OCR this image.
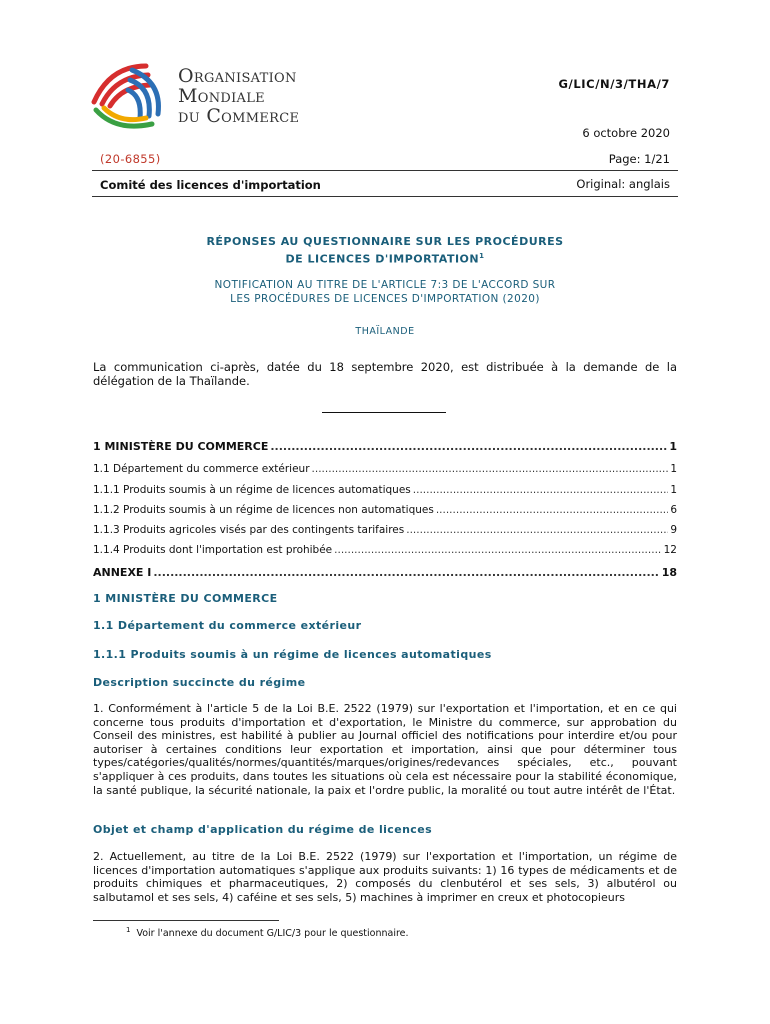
Organisation
Mondiale
du Commerce
G/LIC/N/3/THA/7
6 octobre 2020
(20-6855)	Page: 1/21
Comité des licences d'importation	Original: anglais
RÉPONSES AU QUESTIONNAIRE SUR LES PROCÉDURES
DE LICENCES D'IMPORTATION$^1$
NOTIFICATION AU TITRE DE L'ARTICLE 7:3 DE L'ACCORD SUR
LES PROCÉDURES DE LICENCES D'IMPORTATION (2020)
THAÏLANDE
La communication ci-après, datée du 18 septembre 2020, est distribuée à la demande de la délégation de la Thaïlande.
1 MINISTÈRE DU COMMERCE .....	1
1.1 Département du commerce extérieur .....	1
1.1.1 Produits soumis à un régime de licences automatiques .....	1
1.1.2 Produits soumis à un régime de licences non automatiques .....	6
1.1.3 Produits agricoles visés par des contingents tarifaires .....	9
1.1.4 Produits dont l'importation est prohibée .....	12
ANNEXE I .....	18
1 MINISTÈRE DU COMMERCE
1.1 Département du commerce extérieur
1.1.1 Produits soumis à un régime de licences automatiques
Description succincte du régime
1. Conformément à l'article 5 de la Loi B.E. 2522 (1979) sur l'exportation et l'importation, et en ce qui concerne tous produits d'importation et d'exportation, le Ministre du commerce, sur approbation du Conseil des ministres, est habilité à publier au Journal officiel des notifications pour interdire et/ou pour autoriser à certaines conditions leur exportation et importation, ainsi que pour déterminer tous types/catégories/qualités/normes/quantités/marques/origines/redevances spéciales, etc., pouvant s'appliquer à ces produits, dans toutes les situations où cela est nécessaire pour la stabilité économique, la santé publique, la sécurité nationale, la paix et l'ordre public, la moralité ou tout autre intérêt de l'État.
Objet et champ d'application du régime de licences
2. Actuellement, au titre de la Loi B.E. 2522 (1979) sur l'exportation et l'importation, un régime de licences d'importation automatiques s'applique aux produits suivants: 1) 16 types de médicaments et de produits chimiques et pharmaceutiques, 2) composés du clenbutérol et ses sels, 3) albutérol ou salbutamol et ses sels, 4) caféine et ses sels, 5) machines à imprimer en creux et photocopieurs
$^1$ Voir l'annexe du document G/LIC/3 pour le questionnaire.
